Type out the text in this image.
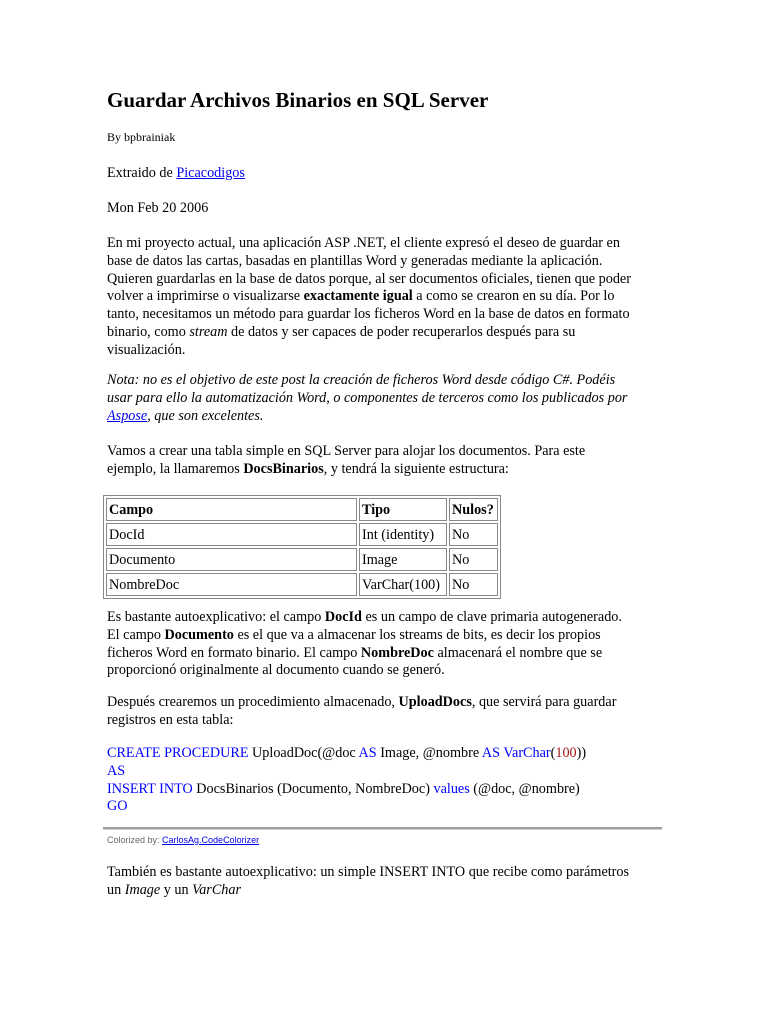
Guardar Archivos Binarios en SQL Server
By bpbrainiak

Extraido de Picacodigos

Mon Feb 20 2006

En mi proyecto actual, una aplicación ASP .NET, el cliente expresó el deseo de guardar en base de datos las cartas, basadas en plantillas Word y generadas mediante la aplicación. Quieren guardarlas en la base de datos porque, al ser documentos oficiales, tienen que poder volver a imprimirse o visualizarse exactamente igual a como se crearon en su día. Por lo tanto, necesitamos un método para guardar los ficheros Word en la base de datos en formato binario, como stream de datos y ser capaces de poder recuperarlos después para su visualización.

Nota: no es el objetivo de este post la creación de ficheros Word desde código C#. Podéis usar para ello la automatización Word, o componentes de terceros como los publicados por Aspose, que son excelentes.

Vamos a crear una tabla simple en SQL Server para alojar los documentos. Para este ejemplo, la llamaremos DocsBinarios, y tendrá la siguiente estructura:

Campo	Tipo	Nulos?
DocId	Int (identity)	No
Documento	Image	No
NombreDoc	VarChar(100)	No

Es bastante autoexplicativo: el campo DocId es un campo de clave primaria autogenerado. El campo Documento es el que va a almacenar los streams de bits, es decir los propios ficheros Word en formato binario. El campo NombreDoc almacenará el nombre que se proporcionó originalmente al documento cuando se generó.

Después crearemos un procedimiento almacenado, UploadDocs, que servirá para guardar registros en esta tabla:

CREATE PROCEDURE UploadDoc(@doc AS Image, @nombre AS VarChar(100))
AS
INSERT INTO DocsBinarios (Documento, NombreDoc) values (@doc, @nombre)
GO
Colorized by: CarlosAg.CodeColorizer

También es bastante autoexplicativo: un simple INSERT INTO que recibe como parámetros un Image y un VarChar
